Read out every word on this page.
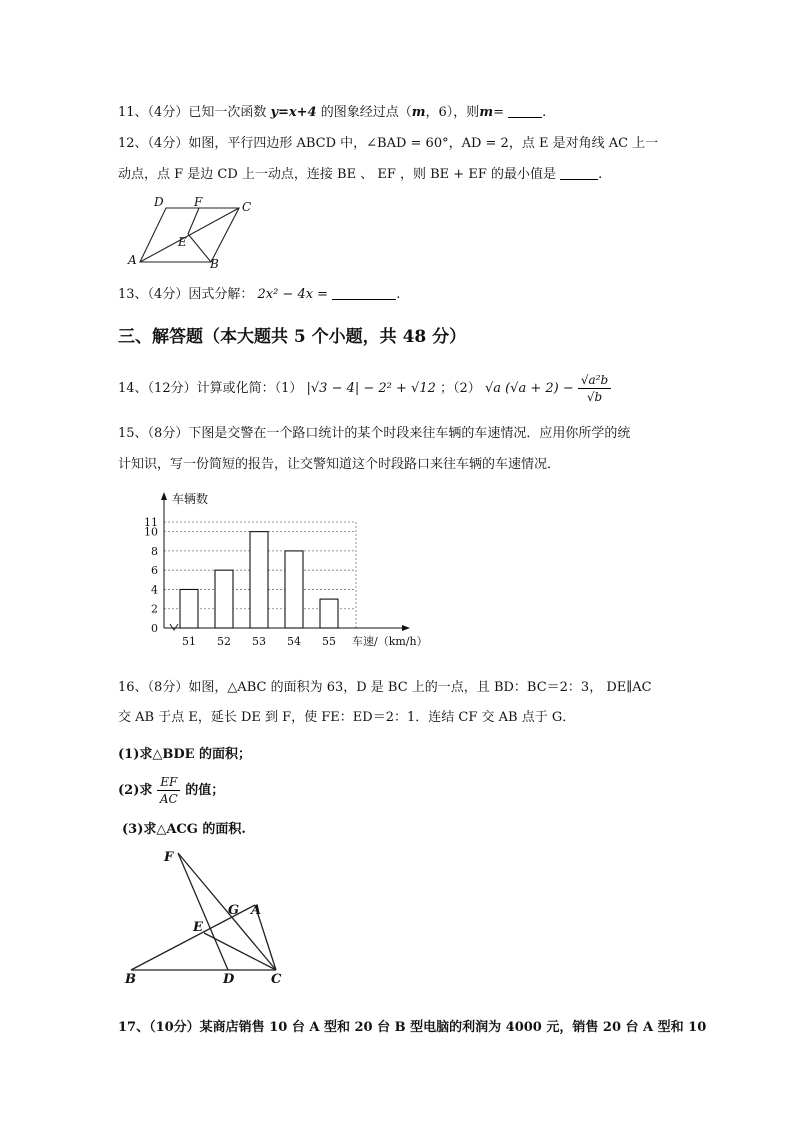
11、（4分）已知一次函数 y=x+4 的图象经过点（m，6），则m=	.
12、（4分）如图，平行四边形 ABCD 中，∠BAD = 60°，AD = 2，点 E 是对角线 AC 上一
动点，点 F 是边 CD 上一动点，连接 BE 、 EF ，则 BE + EF 的最小值是	.
D	F	C
E
A	B
13、（4分）因式分解： 2x² − 4x =	.
三、解答题（本大题共 5 个小题，共 48 分）
14、（12分）计算或化简：（1） |√3 − 4| − 2² + √12 ；（2） √a $(√a + 2) - \frac{\text{√a²b}}{√b}$
15、（8分）下图是交警在一个路口统计的某个时段来往车辆的车速情况．应用你所学的统
计知识，写一份简短的报告，让交警知道这个时段路口来往车辆的车速情况．
车辆数
车速/（km/h）
0
2
4
6
8
10
11
51 52 53 54 55
16、（8分）如图，△ABC 的面积为 63，D 是 BC 上的一点，且 BD：BC＝2：3， DE∥AC
交 AB 于点 E，延长 DE 到 F，使 FE：ED＝2：1．连结 CF 交 AB 点于 G．
(1)求△BDE 的面积；
(2)求 $\frac{EF}{AC}$ 的值；
(3)求△ACG 的面积.
F
G A
E
B	D	C
17、（10分）某商店销售 10 台 A 型和 20 台 B 型电脑的利润为 4000 元，销售 20 台 A 型和 10
